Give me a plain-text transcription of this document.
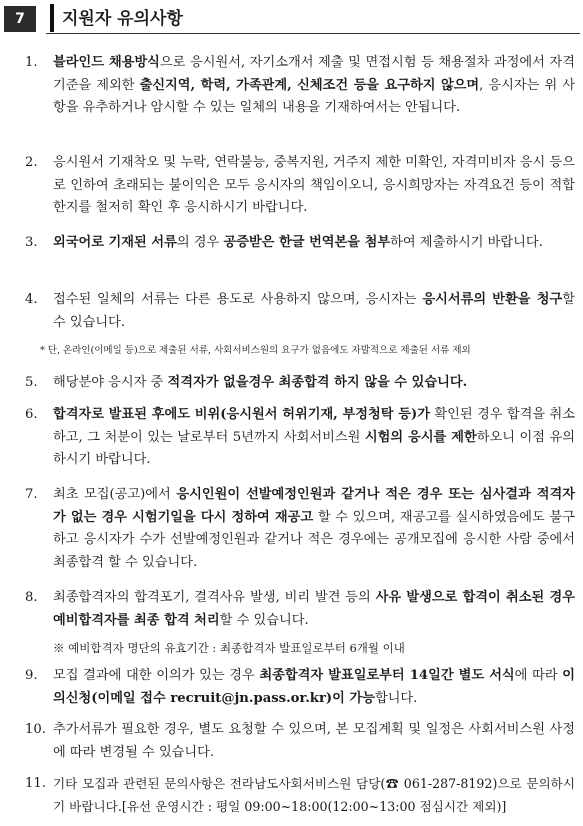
7	지원자 유의사항
1.	블라인드 채용방식으로 응시원서, 자기소개서 제출 및 면접시험 등 채용절차 과정에서 자격 기준을 제외한 출신지역, 학력, 가족관계, 신체조건 등을 요구하지 않으며, 응시자는 위 사항을 유추하거나 암시할 수 있는 일체의 내용을 기재하여서는 안됩니다.
2.	응시원서 기재착오 및 누락, 연락불능, 중복지원, 거주지 제한 미확인, 자격미비자 응시 등으로 인하여 초래되는 불이익은 모두 응시자의 책임이오니, 응시희망자는 자격요건 등이 적합한지를 철저히 확인 후 응시하시기 바랍니다.
3.	외국어로 기재된 서류의 경우 공증받은 한글 번역본을 첨부하여 제출하시기 바랍니다.
4.	접수된 일체의 서류는 다른 용도로 사용하지 않으며, 응시자는 응시서류의 반환을 청구할 수 있습니다.
* 단, 온라인(이메일 등)으로 제출된 서류, 사회서비스원의 요구가 없음에도 자발적으로 제출된 서류 제외
5.	해당분야 응시자 중 적격자가 없을경우 최종합격 하지 않을 수 있습니다.
6.	합격자로 발표된 후에도 비위(응시원서 허위기재, 부정청탁 등)가 확인된 경우 합격을 취소하고, 그 처분이 있는 날로부터 5년까지 사회서비스원 시험의 응시를 제한하오니 이점 유의하시기 바랍니다.
7.	최초 모집(공고)에서 응시인원이 선발예정인원과 같거나 적은 경우 또는 심사결과 적격자가 없는 경우 시험기일을 다시 정하여 재공고 할 수 있으며, 재공고를 실시하였음에도 불구하고 응시자가 수가 선발예정인원과 같거나 적은 경우에는 공개모집에 응시한 사람 중에서 최종합격 할 수 있습니다.
8.	최종합격자의 합격포기, 결격사유 발생, 비리 발견 등의 사유 발생으로 합격이 취소된 경우 예비합격자를 최종 합격 처리할 수 있습니다.
※ 예비합격자 명단의 유효기간 : 최종합격자 발표일로부터 6개월 이내
9.	모집 결과에 대한 이의가 있는 경우 최종합격자 발표일로부터 14일간 별도 서식에 따라 이의신청(이메일 접수 recruit@jn.pass.or.kr)이 가능합니다.
10. 추가서류가 필요한 경우, 별도 요청할 수 있으며, 본 모집계획 및 일정은 사회서비스원 사정에 따라 변경될 수 있습니다.
11. 기타 모집과 관련된 문의사항은 전라남도사회서비스원 담당(☎ 061-287-8192)으로 문의하시기 바랍니다.[유선 운영시간 : 평일 09:00~18:00(12:00~13:00 점심시간 제외)]
